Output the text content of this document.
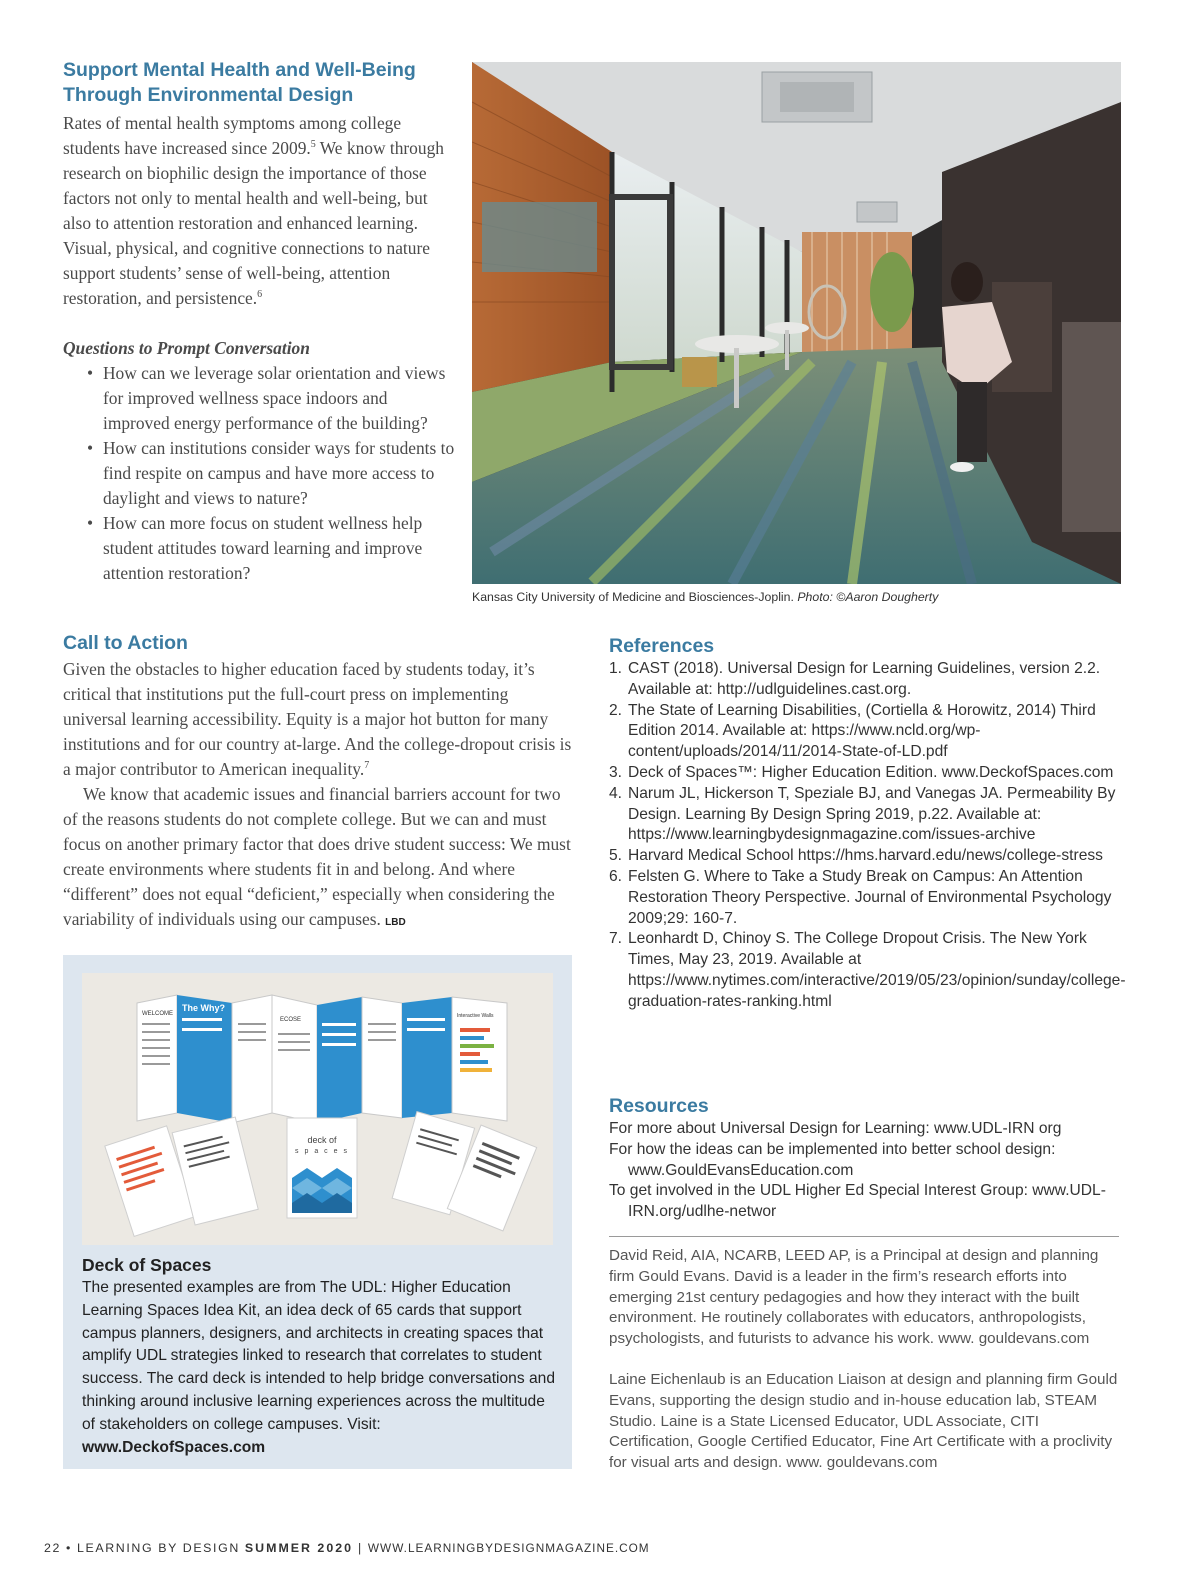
Support Mental Health and Well-Being
Through Environmental Design

Rates of mental health symptoms among college students have increased since 2009.$^5$ We know through research on biophilic design the importance of those factors not only to mental health and well-being, but also to attention restoration and enhanced learning. Visual, physical, and cognitive connections to nature support students’ sense of well-being, attention restoration, and persistence.$^6$

Questions to Prompt Conversation

• How can we leverage solar orientation and views for improved wellness space indoors and improved energy performance of the building?
• How can institutions consider ways for students to find respite on campus and have more access to daylight and views to nature?
• How can more focus on student wellness help student attitudes toward learning and improve attention restoration?
Kansas City University of Medicine and Biosciences-Joplin. Photo: ©Aaron Dougherty
Call to Action

Given the obstacles to higher education faced by students today, it’s critical that institutions put the full-court press on implementing universal learning accessibility. Equity is a major hot button for many institutions and for our country at-large. And the college-dropout crisis is a major contributor to American inequality.$^7$

We know that academic issues and financial barriers account for two of the reasons students do not complete college. But we can and must focus on another primary factor that does drive student success: We must create environments where students fit in and belong. And where “different” does not equal “deficient,” especially when considering the variability of individuals using our campuses. LBD

WELCOME
The Why?
ECOSE
Interactive Walls
deck of
s p a c e s
Deck of Spaces

The presented examples are from The UDL: Higher Education Learning Spaces Idea Kit, an idea deck of 65 cards that support campus planners, designers, and architects in creating spaces that amplify UDL strategies linked to research that correlates to student success. The card deck is intended to help bridge conversations and thinking around inclusive learning experiences across the multitude of stakeholders on college campuses. Visit: www.DeckofSpaces.com

References
1. CAST (2018). Universal Design for Learning Guidelines, version 2.2. Available at: http://udlguidelines.cast.org.
2. The State of Learning Disabilities, (Cortiella & Horowitz, 2014) Third Edition 2014. Available at: https://www.ncld.org/wp-content/uploads/2014/11/2014-State-of-LD.pdf
3. Deck of Spaces™: Higher Education Edition. www.DeckofSpaces.com
4. Narum JL, Hickerson T, Speziale BJ, and Vanegas JA. Permeability By Design. Learning By Design Spring 2019, p.22. Available at: https://www.learningbydesignmagazine.com/issues-archive
5. Harvard Medical School https://hms.harvard.edu/news/college-stress
6. Felsten G. Where to Take a Study Break on Campus: An Attention Restoration Theory Perspective. Journal of Environmental Psychology 2009;29: 160-7.
7. Leonhardt D, Chinoy S. The College Dropout Crisis. The New York Times, May 23, 2019. Available at https://www.nytimes.com/interactive/2019/05/23/opinion/sunday/college-graduation-rates-ranking.html
Resources

For more about Universal Design for Learning: www.UDL-IRN org

For how the ideas can be implemented into better school design: www.GouldEvansEducation.com

To get involved in the UDL Higher Ed Special Interest Group: www.UDL-IRN.org/udlhe-networ

David Reid, AIA, NCARB, LEED AP, is a Principal at design and planning firm Gould Evans. David is a leader in the firm’s research efforts into emerging 21st century pedagogies and how they interact with the built environment. He routinely collaborates with educators, anthropologists, psychologists, and futurists to advance his work. www. gouldevans.com

Laine Eichenlaub is an Education Liaison at design and planning firm Gould Evans, supporting the design studio and in-house education lab, STEAM Studio. Laine is a State Licensed Educator, UDL Associate, CITI Certification, Google Certified Educator, Fine Art Certificate with a proclivity for visual arts and design. www. gouldevans.com

22 • LEARNING BY DESIGN SUMMER 2020 | WWW.LEARNINGBYDESIGNMAGAZINE.COM
